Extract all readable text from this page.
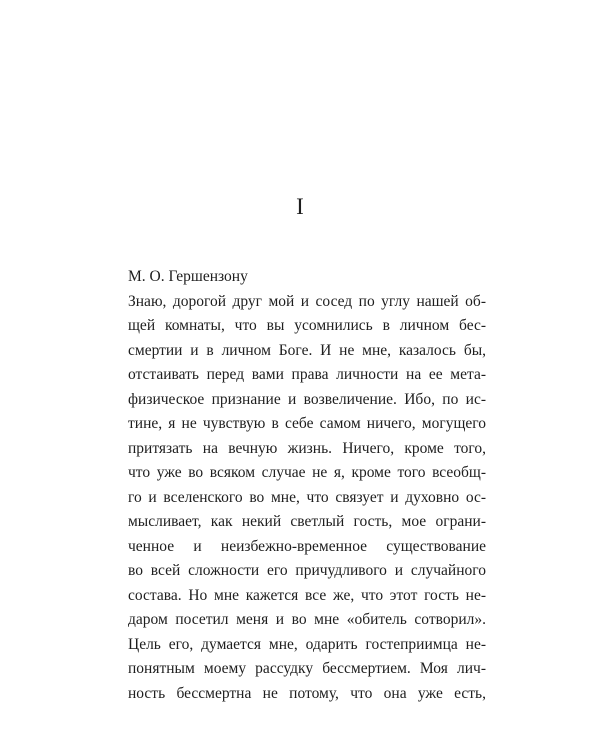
I
М. О. Гершензону
Знаю, дорогой друг мой и сосед по углу нашей об-
щей комнаты, что вы усомнились в личном бес-
смертии и в личном Боге. И не мне, казалось бы,
отстаивать перед вами права личности на ее мета-
физическое признание и возвеличение. Ибо, по ис-
тине, я не чувствую в себе самом ничего, могущего
притязать на вечную жизнь. Ничего, кроме того,
что уже во всяком случае не я, кроме того всеобщ-
го и вселенского во мне, что связует и духовно ос-
мысливает, как некий светлый гость, мое ограни-
ченное и неизбежно-временное существование
во всей сложности его причудливого и случайного
состава. Но мне кажется все же, что этот гость не-
даром посетил меня и во мне «обитель сотворил».
Цель его, думается мне, одарить гостеприимца не-
понятным моему рассудку бессмертием. Моя лич-
ность бессмертна не потому, что она уже есть,
